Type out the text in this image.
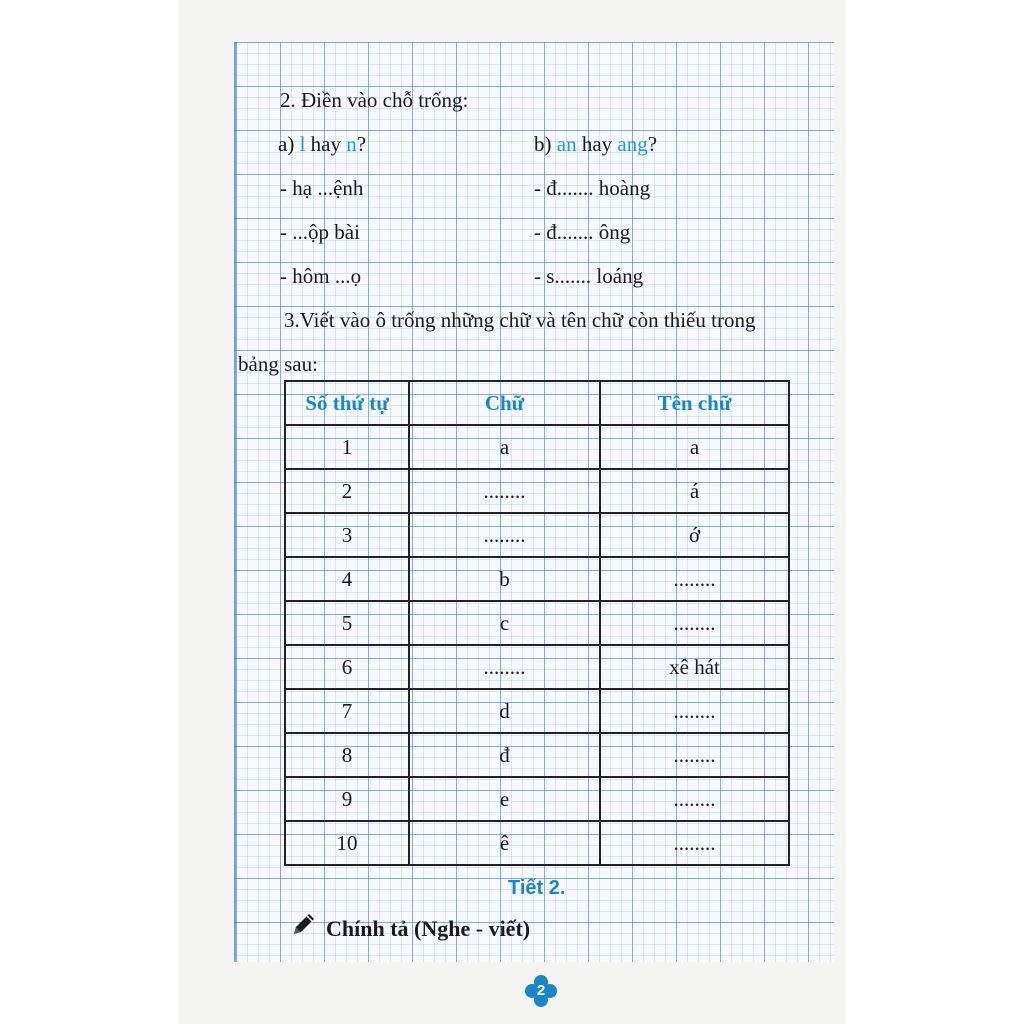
2. Điền vào chỗ trống:
a) l hay n?	b) an hay ang?
- hạ ...ệnh
- ...ộp bài
- hôm ...ọ
- đ....... hoàng
- đ....... ông
- s....... loáng
3.Viết vào ô trống những chữ và tên chữ còn thiếu trong
bảng sau:
Số thứ tự	Chữ	Tên chữ
1	a	a
2	........	á
3	........	ớ
4	b	........
5	c	........
6	........	xê hát
7	d	........
8	đ	........
9	e	........
10	ê	........
Tiết 2.
Chính tả (Nghe - viết)
2
